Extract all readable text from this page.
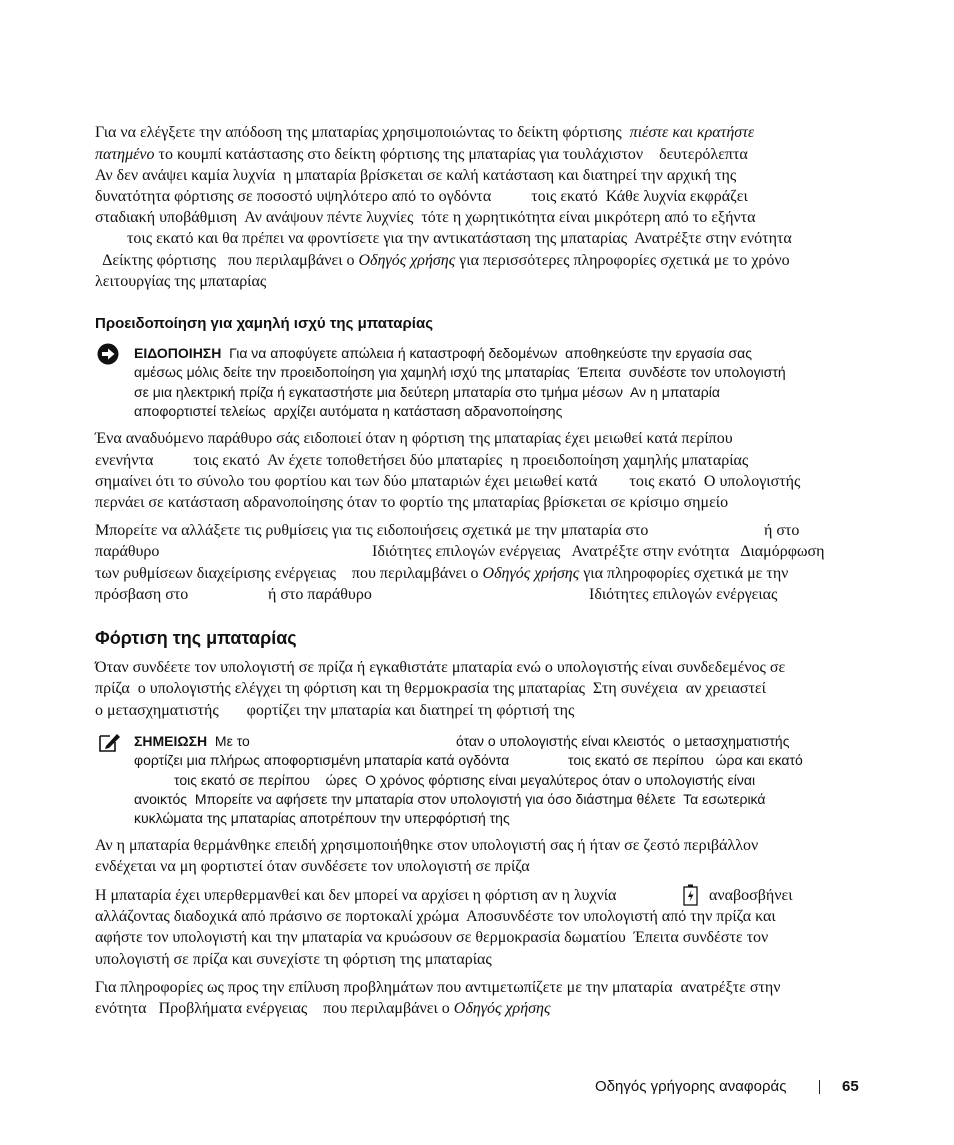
Για να ελέγξετε την απόδοση της μπαταρίας χρησιμοποιώντας το δείκτη φόρτισης  πιέστε και κρατήστε
πατημένο το κουμπί κατάστασης στο δείκτη φόρτισης της μπαταρίας για τουλάχιστον    δευτερόλεπτα
Αν δεν ανάψει καμία λυχνία  η μπαταρία βρίσκεται σε καλή κατάσταση και διατηρεί την αρχική της
δυνατότητα φόρτισης σε ποσοστό υψηλότερο από το ογδόντα          τοις εκατό  Κάθε λυχνία εκφράζει
σταδιακή υποβάθμιση  Αν ανάψουν πέντε λυχνίες  τότε η χωρητικότητα είναι μικρότερη από το εξήντα
τοις εκατό και θα πρέπει να φροντίσετε για την αντικατάσταση της μπαταρίας  Ανατρέξτε στην ενότητα
Δείκτης φόρτισης   που περιλαμβάνει ο Οδηγός χρήσης για περισσότερες πληροφορίες σχετικά με το χρόνο
λειτουργίας της μπαταρίας
Προειδοποίηση για χαμηλή ισχύ της μπαταρίας
ΕΙΔΟΠΟΙΗΣΗ  Για να αποφύγετε απώλεια ή καταστροφή δεδομένων  αποθηκεύστε την εργασία σας
αμέσως μόλις δείτε την προειδοποίηση για χαμηλή ισχύ της μπαταρίας  Έπειτα  συνδέστε τον υπολογιστή
σε μια ηλεκτρική πρίζα ή εγκαταστήστε μια δεύτερη μπαταρία στο τμήμα μέσων  Αν η μπαταρία
αποφορτιστεί τελείως  αρχίζει αυτόματα η κατάσταση αδρανοποίησης
Ένα αναδυόμενο παράθυρο σάς ειδοποιεί όταν η φόρτιση της μπαταρίας έχει μειωθεί κατά περίπου
ενενήντα          τοις εκατό  Αν έχετε τοποθετήσει δύο μπαταρίες  η προειδοποίηση χαμηλής μπαταρίας
σημαίνει ότι το σύνολο του φορτίου και των δύο μπαταριών έχει μειωθεί κατά        τοις εκατό  Ο υπολογιστής
περνάει σε κατάσταση αδρανοποίησης όταν το φορτίο της μπαταρίας βρίσκεται σε κρίσιμο σημείο
Μπορείτε να αλλάξετε τις ρυθμίσεις για τις ειδοποιήσεις σχετικά με την μπαταρία στο	ή στο
παράθυρο	Ιδιότητες επιλογών ενέργειας   Ανατρέξτε στην ενότητα   Διαμόρφωση
των ρυθμίσεων διαχείρισης ενέργειας    που περιλαμβάνει ο Οδηγός χρήσης για πληροφορίες σχετικά με την
πρόσβαση στο	ή στο παράθυρο	Ιδιότητες επιλογών ενέργειας
Φόρτιση της μπαταρίας
Όταν συνδέετε τον υπολογιστή σε πρίζα ή εγκαθιστάτε μπαταρία ενώ ο υπολογιστής είναι συνδεδεμένος σε
πρίζα  ο υπολογιστής ελέγχει τη φόρτιση και τη θερμοκρασία της μπαταρίας  Στη συνέχεια  αν χρειαστεί
ο μετασχηματιστής       φορτίζει την μπαταρία και διατηρεί τη φόρτισή της
ΣΗΜΕΙΩΣΗ  Με το	όταν ο υπολογιστής είναι κλειστός  ο μετασχηματιστής
φορτίζει μια πλήρως αποφορτισμένη μπαταρία κατά ογδόντα	τοις εκατό σε περίπου   ώρα και εκατό
τοις εκατό σε περίπου    ώρες  Ο χρόνος φόρτισης είναι μεγαλύτερος όταν ο υπολογιστής είναι
ανοικτός  Μπορείτε να αφήσετε την μπαταρία στον υπολογιστή για όσο διάστημα θέλετε  Τα εσωτερικά
κυκλώματα της μπαταρίας αποτρέπουν την υπερφόρτισή της
Αν η μπαταρία θερμάνθηκε επειδή χρησιμοποιήθηκε στον υπολογιστή σας ή ήταν σε ζεστό περιβάλλον
ενδέχεται να μη φορτιστεί όταν συνδέσετε τον υπολογιστή σε πρίζα
Η μπαταρία έχει υπερθερμανθεί και δεν μπορεί να αρχίσει η φόρτιση αν η λυχνία	αναβοσβήνει
αλλάζοντας διαδοχικά από πράσινο σε πορτοκαλί χρώμα  Αποσυνδέστε τον υπολογιστή από την πρίζα και
αφήστε τον υπολογιστή και την μπαταρία να κρυώσουν σε θερμοκρασία δωματίου  Έπειτα συνδέστε τον
υπολογιστή σε πρίζα και συνεχίστε τη φόρτιση της μπαταρίας
Για πληροφορίες ως προς την επίλυση προβλημάτων που αντιμετωπίζετε με την μπαταρία  ανατρέξτε στην
ενότητα   Προβλήματα ενέργειας    που περιλαμβάνει ο Οδηγός χρήσης
Οδηγός γρήγορης αναφοράς	65
